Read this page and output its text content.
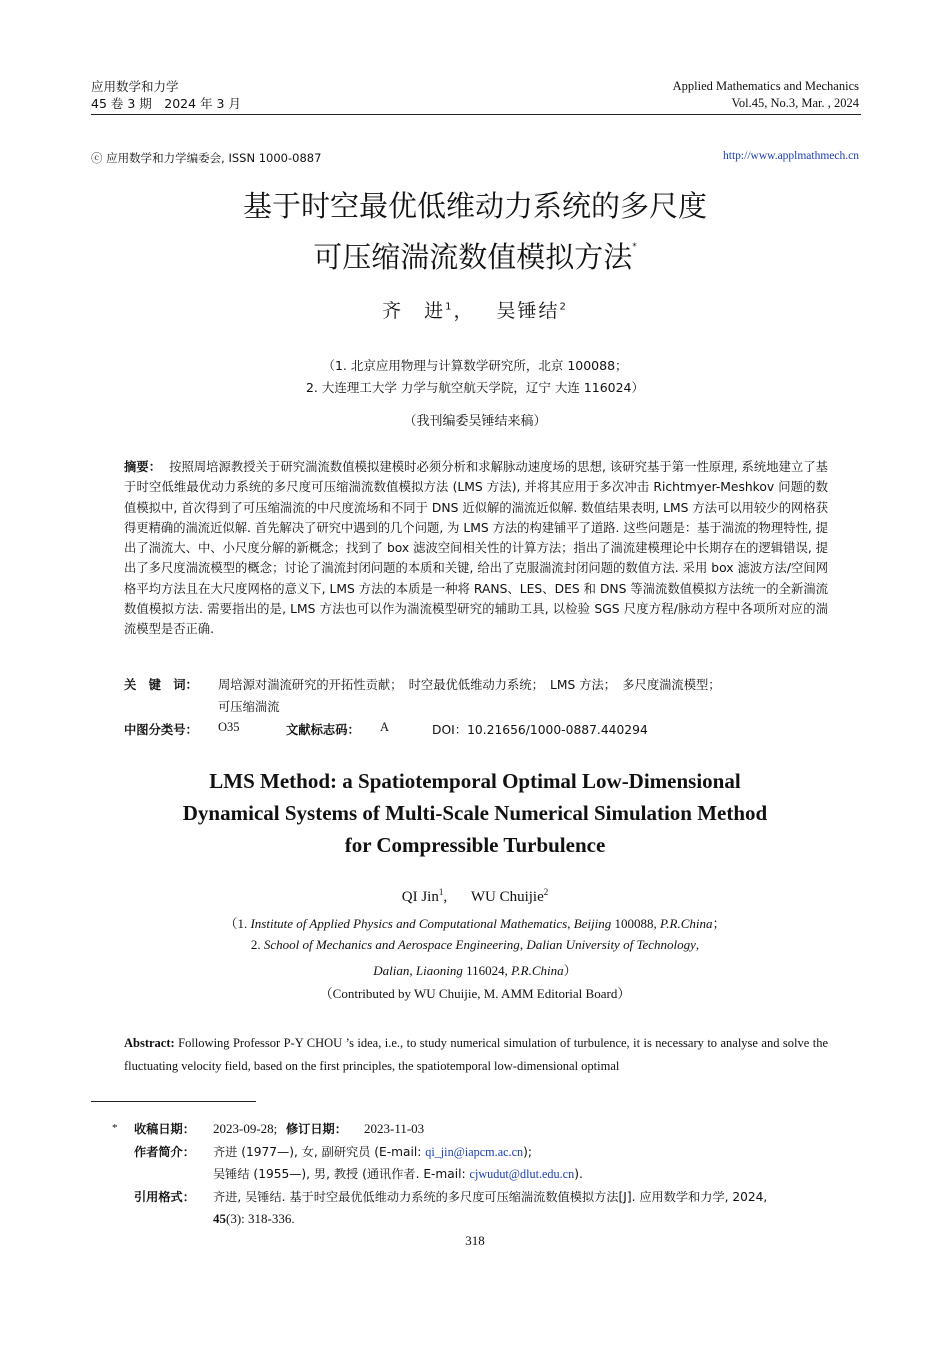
应用数学和力学
45 卷 3 期　2024 年 3 月
Applied Mathematics and Mechanics
Vol.45, No.3, Mar. , 2024
ⓒ 应用数学和力学编委会, ISSN 1000-0887	http://www.applmathmech.cn
基于时空最优低维动力系统的多尺度
可压缩湍流数值模拟方法*
齐　进$^1$， 吴锤结$^2$
（1. 北京应用物理与计算数学研究所，北京 100088；
2. 大连理工大学 力学与航空航天学院，辽宁 大连 116024）
（我刊编委吴锤结来稿）

摘要： 按照周培源教授关于研究湍流数值模拟建模时必须分析和求解脉动速度场的思想, 该研究基于第一性原理, 系统地建立了基于时空低维最优动力系统的多尺度可压缩湍流数值模拟方法 (LMS 方法), 并将其应用于多次冲击 Richtmyer-Meshkov 问题的数值模拟中, 首次得到了可压缩湍流的中尺度流场和不同于 DNS 近似解的湍流近似解. 数值结果表明, LMS 方法可以用较少的网格获得更精确的湍流近似解. 首先解决了研究中遇到的几个问题, 为 LMS 方法的构建铺平了道路. 这些问题是：基于湍流的物理特性, 提出了湍流大、中、小尺度分解的新概念；找到了 box 滤波空间相关性的计算方法；指出了湍流建模理论中长期存在的逻辑错误, 提出了多尺度湍流模型的概念；讨论了湍流封闭问题的本质和关键, 给出了克服湍流封闭问题的数值方法. 采用 box 滤波方法/空间网格平均方法且在大尺度网格的意义下, LMS 方法的本质是一种将 RANS、LES、DES 和 DNS 等湍流数值模拟方法统一的全新湍流数值模拟方法. 需要指出的是, LMS 方法也可以作为湍流模型研究的辅助工具, 以检验 SGS 尺度方程/脉动方程中各项所对应的湍流模型是否正确.

关　键　词： 周培源对湍流研究的开拓性贡献；　时空最优低维动力系统；　LMS 方法；　多尺度湍流模型；
可压缩湍流
中图分类号： O35	文献标志码： A	DOI：10.21656/1000-0887.440294
LMS Method: a Spatiotemporal Optimal Low-Dimensional
Dynamical Systems of Multi-Scale Numerical Simulation Method
for Compressible Turbulence
QI Jin$^1$, WU Chuijie$^2$
（1. Institute of Applied Physics and Computational Mathematics, Beijing 100088, P.R.China；
2. School of Mechanics and Aerospace Engineering, Dalian University of Technology,
Dalian, Liaoning 116024, P.R.China）
（Contributed by WU Chuijie, M. AMM Editorial Board）
Abstract: Following Professor P-Y CHOU ’s idea, i.e., to study numerical simulation of turbulence, it is necessary to analyse and solve the fluctuating velocity field, based on the first principles, the spatiotemporal low-dimensional optimal
* 收稿日期： 2023-09-28; 修订日期： 2023-11-03
作者简介： 齐进 (1977—), 女, 副研究员 (E-mail: qi_jin@iapcm.ac.cn);
吴锤结 (1955—), 男, 教授 (通讯作者. E-mail: cjwudut@dlut.edu.cn).
引用格式： 齐进, 吴锤结. 基于时空最优低维动力系统的多尺度可压缩湍流数值模拟方法[J]. 应用数学和力学, 2024,
45(3): 318-336.
318
